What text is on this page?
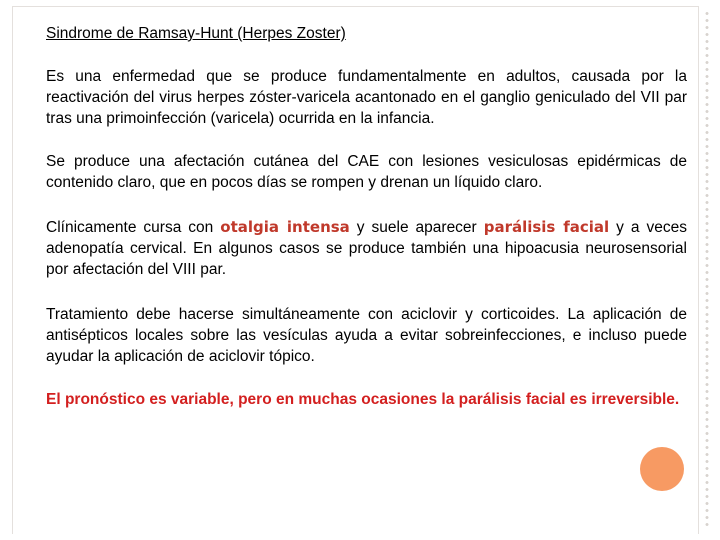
Sindrome de Ramsay-Hunt (Herpes Zoster)

Es una enfermedad que se produce fundamentalmente en adultos, causada por la reactivación del virus herpes zóster-varicela acantonado en el ganglio geniculado del VII par tras una primoinfección (varicela) ocurrida en la infancia.

Se produce una afectación cutánea del CAE con lesiones vesiculosas epidérmicas de contenido claro, que en pocos días se rompen y drenan un líquido claro.

Clínicamente cursa con otalgia intensa y suele aparecer parálisis facial y a veces adenopatía cervical. En algunos casos se produce también una hipoacusia neurosensorial por afectación del VIII par.

Tratamiento debe hacerse simultáneamente con aciclovir y corticoides. La aplicación de antisépticos locales sobre las vesículas ayuda a evitar sobreinfecciones, e incluso puede ayudar la aplicación de aciclovir tópico.

El pronóstico es variable, pero en muchas ocasiones la parálisis facial es irreversible.
